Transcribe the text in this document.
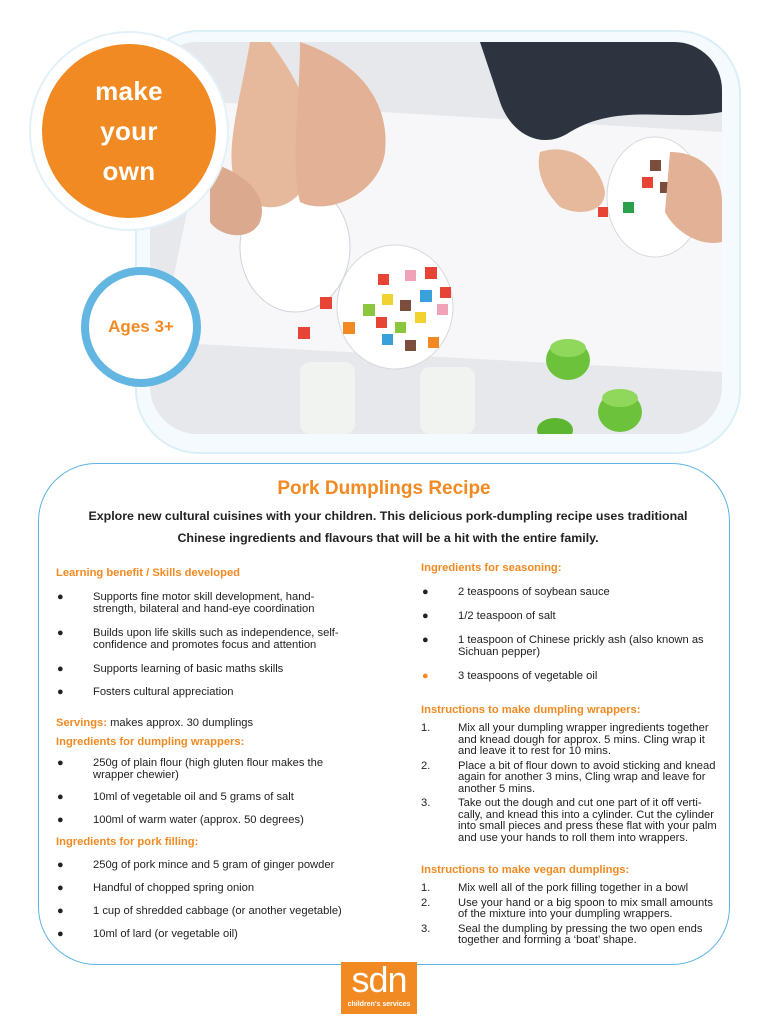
make
your
own
Ages 3+
Pork Dumplings Recipe
Explore new cultural cuisines with your children. This delicious pork-dumpling recipe uses traditional
Chinese ingredients and flavours that will be a hit with the entire family.
Learning benefit / Skills developed
●	Supports fine motor skill development, hand-
strength, bilateral and hand-eye coordination
●	Builds upon life skills such as independence, self-
confidence and promotes focus and attention
●	Supports learning of basic maths skills
●	Fosters cultural appreciation
Servings: makes approx. 30 dumplings
Ingredients for dumpling wrappers:
●	250g of plain flour (high gluten flour makes the
wrapper chewier)
●	10ml of vegetable oil and 5 grams of salt
●	100ml of warm water (approx. 50 degrees)
Ingredients for pork filling:
●	250g of pork mince and 5 gram of ginger powder
●	Handful of chopped spring onion
●	1 cup of shredded cabbage (or another vegetable)
●	10ml of lard (or vegetable oil)
Ingredients for seasoning:
●	2 teaspoons of soybean sauce
●	1/2 teaspoon of salt
●	1 teaspoon of Chinese prickly ash (also known as
Sichuan pepper)
●	3 teaspoons of vegetable oil
Instructions to make dumpling wrappers:
1. Mix all your dumpling wrapper ingredients together
and knead dough for approx. 5 mins. Cling wrap it
and leave it to rest for 10 mins.
2. Place a bit of flour down to avoid sticking and knead
again for another 3 mins, Cling wrap and leave for
another 5 mins.
3. Take out the dough and cut one part of it off verti-
cally, and knead this into a cylinder. Cut the cylinder
into small pieces and press these flat with your palm
and use your hands to roll them into wrappers.
Instructions to make vegan dumplings:
1. Mix well all of the pork filling together in a bowl
2. Use your hand or a big spoon to mix small amounts
of the mixture into your dumpling wrappers.
3. Seal the dumpling by pressing the two open ends
together and forming a ‘boat’ shape.
sdn
children's services
